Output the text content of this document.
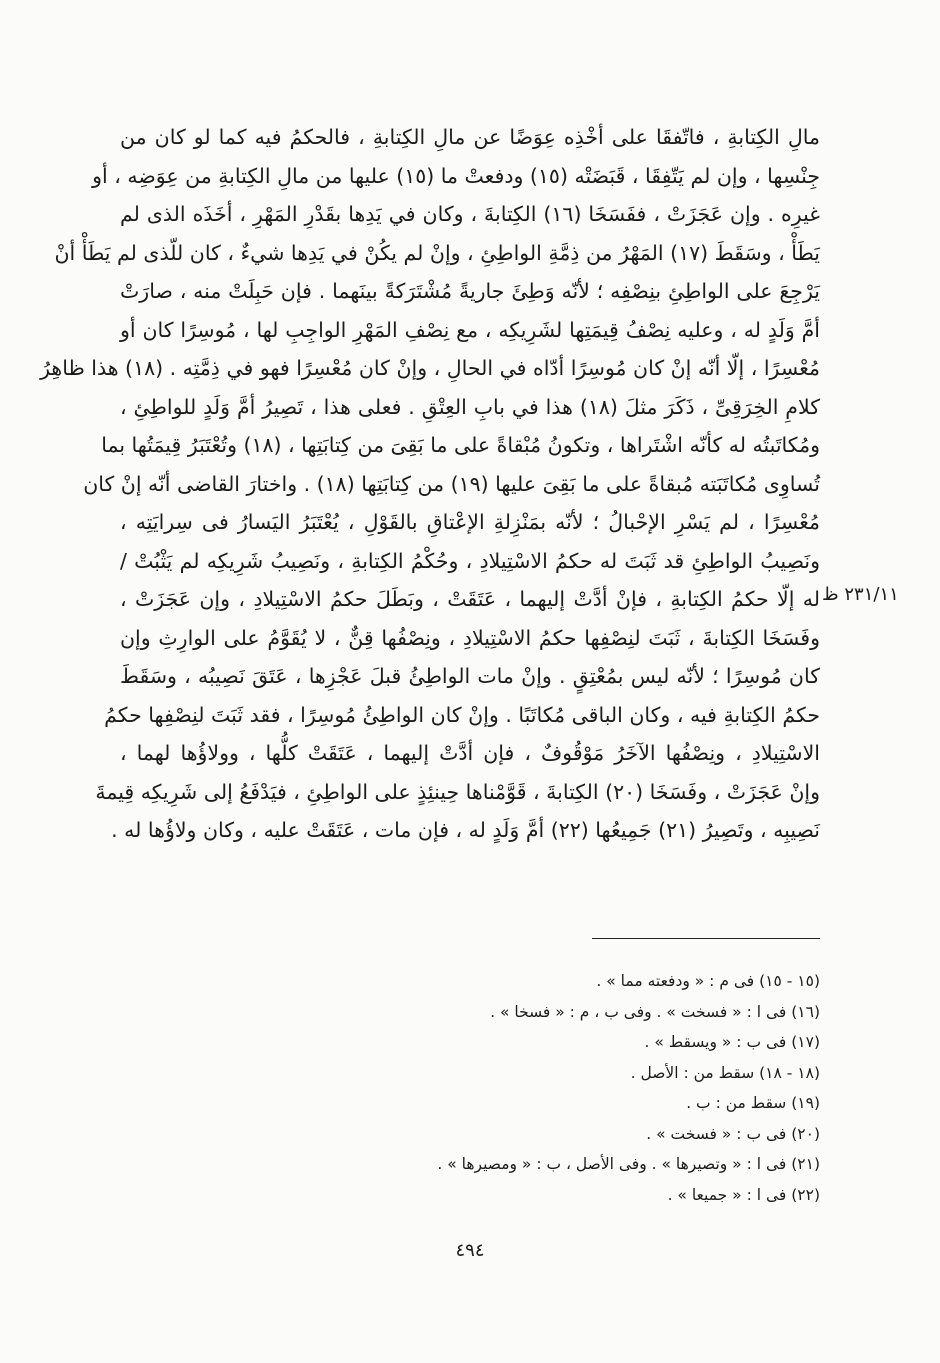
مالِ الكِتابةِ ، فاتّفقَا على أخْذِه عِوَضًا عن مالِ الكِتابةِ ، فالحكمُ فيه كما لو كان من
جِنْسِها ، وإن لم يَتّفِقَا ، قَبَضَتْه (١٥) ودفعتْ ما (١٥) عليها من مالِ الكِتابةِ من عِوَضِه ، أو
غيرِه . وإن عَجَزَتْ ، ففَسَخَا (١٦) الكِتابةَ ، وكان في يَدِها بقَدْرِ المَهْرِ ، أخَذَه الذى لم
يَطَأْ ، وسَقَطَ (١٧) المَهْرُ من ذِمَّةِ الواطِئِ ، وإنْ لم يكُنْ في يَدِها شيءٌ ، كان للّذى لم يَطَأْ أنْ
يَرْجِعَ على الواطِئِ بنِصْفِه ؛ لأنّه وَطِئَ جاريةً مُشْتَرَكةً بينَهما . فإن حَبِلَتْ منه ، صارَتْ
أمَّ وَلَدٍ له ، وعليه نِصْفُ قِيمَتِها لشَرِيكِه ، مع نِصْفِ المَهْرِ الواجِبِ لها ، مُوسِرًا كان أو
مُعْسِرًا ، إلّا أنّه إنْ كان مُوسِرًا أدّاه في الحالِ ، وإنْ كان مُعْسِرًا فهو في ذِمَّتِه . (١٨) هذا ظاهِرُ
كلامِ الخِرَقِىِّ ، ذَكَرَ مثلَ (١٨) هذا في بابِ العِتْقِ . فعلى هذا ، تَصِيرُ أمَّ وَلَدٍ للواطِئِ ،
ومُكاتَبتُه له كأنّه اشْتَراها ، وتكونُ مُبْقاةً على ما بَقِىَ من كِتابَتِها ، (١٨) وتُعْتَبَرُ قِيمَتُها بما
تُساوِى مُكاتَبَته مُبقاةً على ما بَقِىَ عليها (١٩) من كِتابَتِها (١٨) . واختارَ القاضى أنّه إنْ كان
مُعْسِرًا ، لم يَسْرِ الإحْبالُ ؛ لأنّه بمَنْزِلةِ الإعْتاقِ بالقَوْلِ ، يُعْتَبَرُ اليَسارُ فى سِرايَتِه ،
ونَصِيبُ الواطِئِ قد ثَبَتَ له حكمُ الاسْتِيلادِ ، وحُكْمُ الكِتابةِ ، ونَصِيبُ شَرِيكِه لم يَثْبُتْ /
له إلّا حكمُ الكِتابةِ ، فإنْ أدَّتْ إليهما ، عَتَقَتْ ، وبَطَلَ حكمُ الاسْتِيلادِ ، وإن عَجَزَتْ ،
وفَسَخَا الكِتابةَ ، ثَبَتَ لنِصْفِها حكمُ الاسْتِيلادِ ، ونِصْفُها قِنٌّ ، لا يُقَوَّمُ على الوارِثِ وإن
كان مُوسِرًا ؛ لأنّه ليس بمُعْتِقٍ . وإنْ مات الواطِئُ قبلَ عَجْزِها ، عَتَقَ نَصِيبُه ، وسَقَطَ
حكمُ الكِتابةِ فيه ، وكان الباقى مُكاتَبًا . وإنْ كان الواطِئُ مُوسِرًا ، فقد ثَبَتَ لنِصْفِها حكمُ
الاسْتِيلادِ ، ونِصْفُها الآخَرُ مَوْقُوفٌ ، فإن أدَّتْ إليهما ، عَتَقَتْ كلُّها ، وولاؤُها لهما ،
وإنْ عَجَزَتْ ، وفَسَخَا (٢٠) الكِتابةَ ، قَوَّمْناها حِينئِذٍ على الواطِئِ ، فيَدْفَعُ إلى شَرِيكِه قِيمةَ
نَصِيبِه ، وتَصِيرُ (٢١) جَمِيعُها (٢٢) أمَّ وَلَدٍ له ، فإن مات ، عَتَقَتْ عليه ، وكان ولاؤُها له .
٢٣١/١١ ظ
(١٥ - ١٥) فى م : « ودفعته مما » .
(١٦) فى ا : « فسخت » . وفى ب ، م : « فسخا » .
(١٧) فى ب : « ويسقط » .
(١٨ - ١٨) سقط من : الأصل .
(١٩) سقط من : ب .
(٢٠) فى ب : « فسخت » .
(٢١) فى ا : « وتصيرها » . وفى الأصل ، ب : « ومصيرها » .
(٢٢) فى ا : « جميعا » .
٤٩٤
